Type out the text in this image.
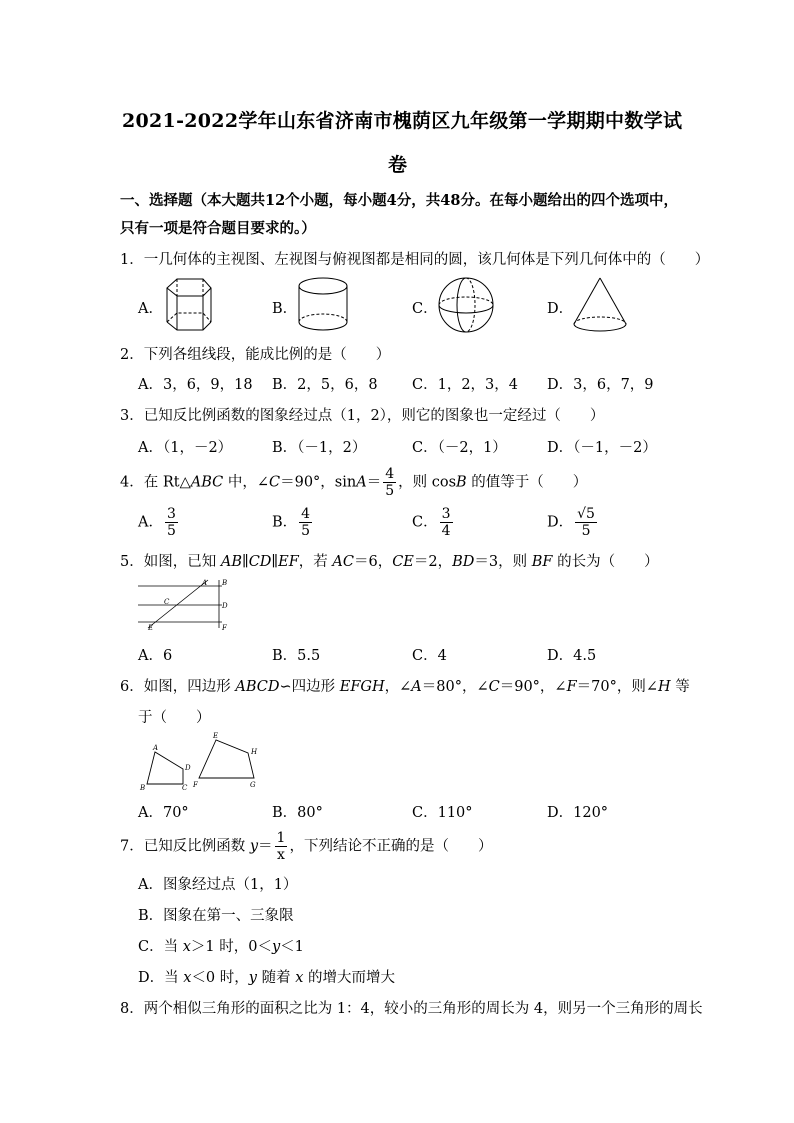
2021-2022学年山东省济南市槐荫区九年级第一学期期中数学试
卷
一、选择题（本大题共12个小题，每小题4分，共48分。在每小题给出的四个选项中，
只有一项是符合题目要求的。）
1．一几何体的主视图、左视图与俯视图都是相同的圆，该几何体是下列几何体中的（　　）
A．	B．	C．	D．
2．下列各组线段，能成比例的是（　　）
A．3，6，9，18 B．2，5，6，8 C．1，2，3，4 D．3，6，7，9
3．已知反比例函数的图象经过点（1，2），则它的图象也一定经过（　　）
A．（1，－2）	B．（－1，2）	C．（－2，1）	D．（－1，－2）
4．在 Rt△ABC 中，∠C＝90°，$\sin A= \frac{4}{5}$ ，则 cosB 的值等于（　　）
A． $\frac{3}{5}$	B． $\frac{4}{5}$	C． $\frac{3}{4}$	D． $\frac{√5}{5}$
5．如图，已知 AB∥CD∥EF，若 AC＝6，CE＝2，BD＝3，则 BF 的长为（　　）
A B
C	D
E	F
A．6	B．5.5	C．4	D．4.5
6．如图，四边形 ABCD∽四边形 EFGH，∠A＝80°，∠C＝90°，∠F＝70°，则∠H 等
于（　　）
A
B	C
D
E
F	G
H
A．70°	B．80°	C．110°	D．120°
7．已知反比例函数 $y= \frac{1}{x}$ ，下列结论不正确的是（　　）
A．图象经过点（1，1）
B．图象在第一、三象限
C．当 x＞1 时，0＜y＜1
D．当 x＜0 时，y 随着 x 的增大而增大
8．两个相似三角形的面积之比为 1：4，较小的三角形的周长为 4，则另一个三角形的周长
